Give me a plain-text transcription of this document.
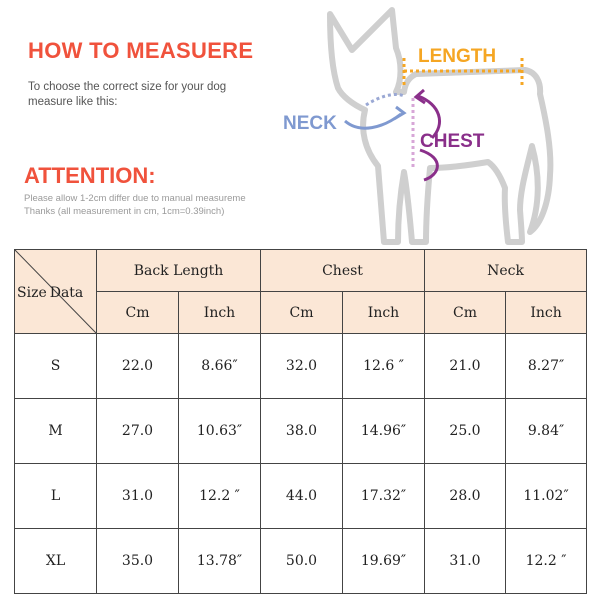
HOW TO MEASUERE
To choose the correct size for your dog
measure like this:
ATTENTION:
Please allow 1-2cm differ due to manual measureme
Thanks (all measurement in cm, 1cm=0.39inch)
LENGTH
NECK
CHEST
Size Data	Back Length		Chest		Neck	
	Cm	Inch	Cm	Inch	Cm	Inch
S	22.0	8.66″	32.0	12.6 ″	21.0	8.27″
M	27.0	10.63″	38.0	14.96″	25.0	9.84″
L	31.0	12.2 ″	44.0	17.32″	28.0	11.02″
XL	35.0	13.78″	50.0	19.69″	31.0	12.2 ″
